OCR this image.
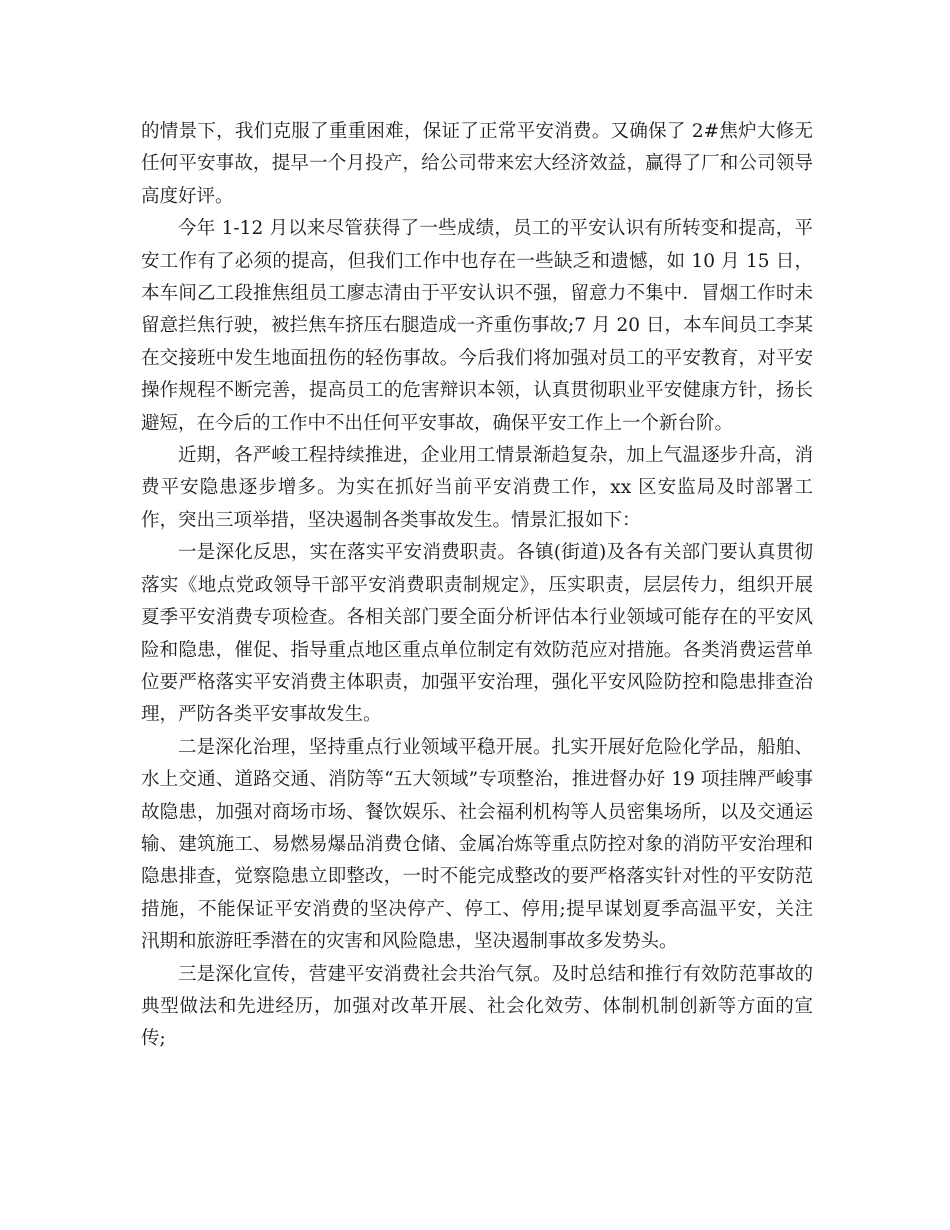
的情景下，我们克服了重重困难，保证了正常平安消费。又确保了 2#焦炉大修无任何平安事故，提早一个月投产，给公司带来宏大经济效益，赢得了厂和公司领导高度好评。

今年 1-12 月以来尽管获得了一些成绩，员工的平安认识有所转变和提高，平安工作有了必须的提高，但我们工作中也存在一些缺乏和遗憾，如 10 月 15 日，本车间乙工段推焦组员工廖志清由于平安认识不强，留意力不集中．冒烟工作时未留意拦焦行驶，被拦焦车挤压右腿造成一齐重伤事故;7 月 20 日，本车间员工李某在交接班中发生地面扭伤的轻伤事故。今后我们将加强对员工的平安教育，对平安操作规程不断完善，提高员工的危害辩识本领，认真贯彻职业平安健康方针，扬长避短，在今后的工作中不出任何平安事故，确保平安工作上一个新台阶。

近期，各严峻工程持续推进，企业用工情景渐趋复杂，加上气温逐步升高，消费平安隐患逐步增多。为实在抓好当前平安消费工作，xx 区安监局及时部署工作，突出三项举措，坚决遏制各类事故发生。情景汇报如下：

一是深化反思，实在落实平安消费职责。各镇(街道)及各有关部门要认真贯彻落实《地点党政领导干部平安消费职责制规定》，压实职责，层层传力，组织开展夏季平安消费专项检查。各相关部门要全面分析评估本行业领域可能存在的平安风险和隐患，催促、指导重点地区重点单位制定有效防范应对措施。各类消费运营单位要严格落实平安消费主体职责，加强平安治理，强化平安风险防控和隐患排查治理，严防各类平安事故发生。

二是深化治理，坚持重点行业领域平稳开展。扎实开展好危险化学品，船舶、水上交通、道路交通、消防等“五大领域”专项整治，推进督办好 19 项挂牌严峻事故隐患，加强对商场市场、餐饮娱乐、社会福利机构等人员密集场所，以及交通运输、建筑施工、易燃易爆品消费仓储、金属冶炼等重点防控对象的消防平安治理和隐患排查，觉察隐患立即整改，一时不能完成整改的要严格落实针对性的平安防范措施，不能保证平安消费的坚决停产、停工、停用;提早谋划夏季高温平安，关注汛期和旅游旺季潜在的灾害和风险隐患，坚决遏制事故多发势头。

三是深化宣传，营建平安消费社会共治气氛。及时总结和推行有效防范事故的典型做法和先进经历，加强对改革开展、社会化效劳、体制机制创新等方面的宣传;
